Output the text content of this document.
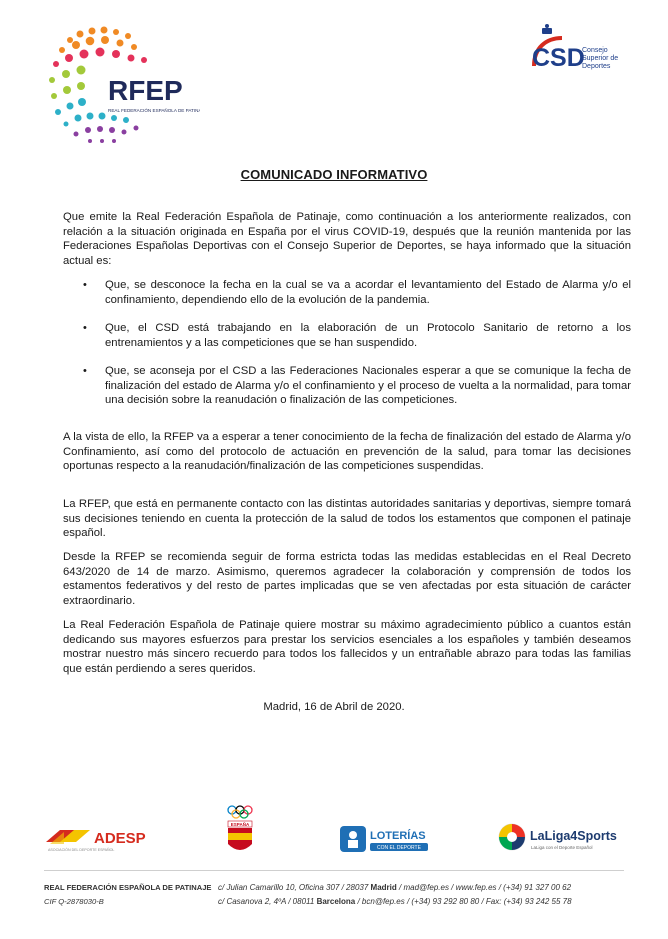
RFEP
REAL FEDERACIÓN ESPAÑOLA DE PATINAJE
CSD
Consejo
Superior de
Deportes
COMUNICADO INFORMATIVO
Que emite la Real Federación Española de Patinaje, como continuación a los anteriormente realizados, con relación a la situación originada en España por el virus COVID-19, después que la reunión mantenida por las Federaciones Españolas Deportivas con el Consejo Superior de Deportes, se haya informado que la situación actual es:
• Que, se desconoce la fecha en la cual se va a acordar el levantamiento del Estado de Alarma y/o el confinamiento, dependiendo ello de la evolución de la pandemia.
• Que, el CSD está trabajando en la elaboración de un Protocolo Sanitario de retorno a los entrenamientos y a las competiciones que se han suspendido.
• Que, se aconseja por el CSD a las Federaciones Nacionales esperar a que se comunique la fecha de finalización del estado de Alarma y/o el confinamiento y el proceso de vuelta a la normalidad, para tomar una decisión sobre la reanudación o finalización de las competiciones.
A la vista de ello, la RFEP va a esperar a tener conocimiento de la fecha de finalización del estado de Alarma y/o Confinamiento, así como del protocolo de actuación en prevención de la salud, para tomar las decisiones oportunas respecto a la reanudación/finalización de las competiciones suspendidas.
La RFEP, que está en permanente contacto con las distintas autoridades sanitarias y deportivas, siempre tomará sus decisiones teniendo en cuenta la protección de la salud de todos los estamentos que componen el patinaje español.
Desde la RFEP se recomienda seguir de forma estricta todas las medidas establecidas en el Real Decreto 643/2020 de 14 de marzo. Asimismo, queremos agradecer la colaboración y comprensión de todos los estamentos federativos y del resto de partes implicadas que se ven afectadas por esta situación de carácter extraordinario.
La Real Federación Española de Patinaje quiere mostrar su máximo agradecimiento público a cuantos están dedicando sus mayores esfuerzos para prestar los servicios esenciales a los españoles y también deseamos mostrar nuestro más sincero recuerdo para todos los fallecidos y un entrañable abrazo para todas las familias que están perdiendo a seres queridos.
Madrid, 16 de Abril de 2020.
ADESP
ASOCIACIÓN DEL DEPORTE ESPAÑOL
ESPAÑA
LOTERÍAS
CON EL DEPORTE
LaLiga4Sports
LaLiga con el Deporte Español
REAL FEDERACIÓN ESPAÑOLA DE PATINAJE
CIF Q-2878030-B
c/ Julian Camarillo 10, Oficina 307 / 28037 Madrid / mad@fep.es / www.fep.es / (+34) 91 327 00 62
c/ Casanova 2, 4ºA / 08011 Barcelona / bcn@fep.es / (+34) 93 292 80 80 / Fax: (+34) 93 242 55 78
